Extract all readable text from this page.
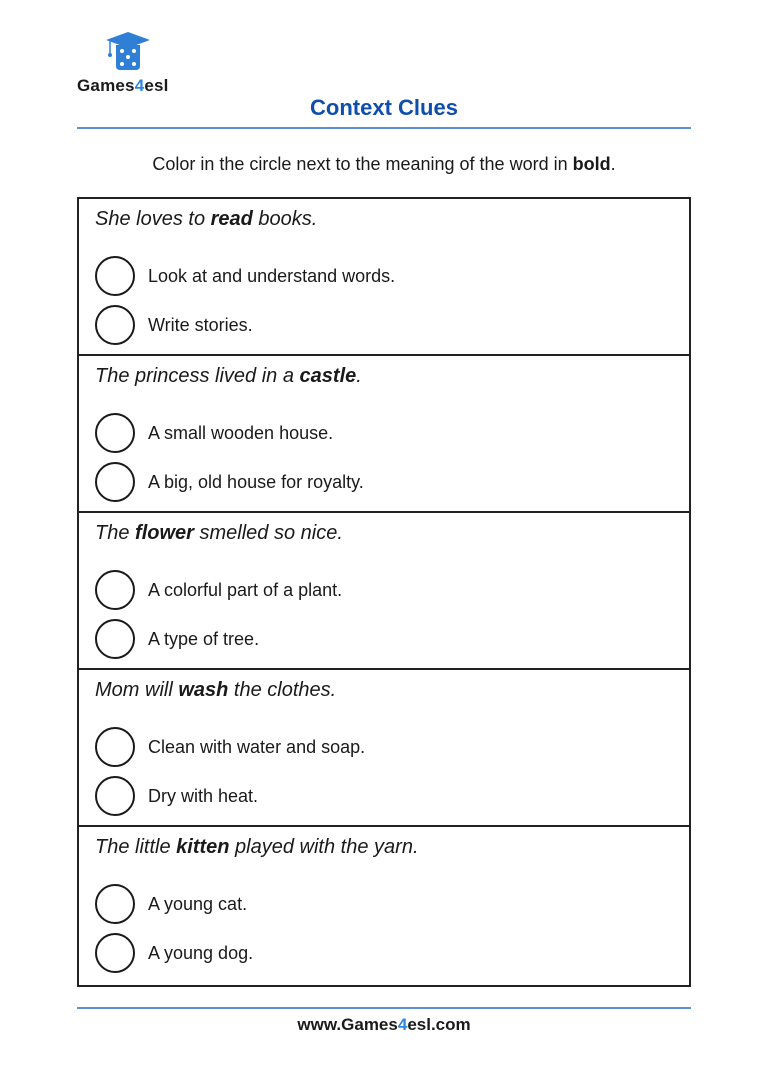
Games4esl
Context Clues
Color in the circle next to the meaning of the word in bold.
She loves to read books.
Look at and understand words.
Write stories.
The princess lived in a castle.
A small wooden house.
A big, old house for royalty.
The flower smelled so nice.
A colorful part of a plant.
A type of tree.
Mom will wash the clothes.
Clean with water and soap.
Dry with heat.
The little kitten played with the yarn.
A young cat.
A young dog.
www.Games4esl.com
